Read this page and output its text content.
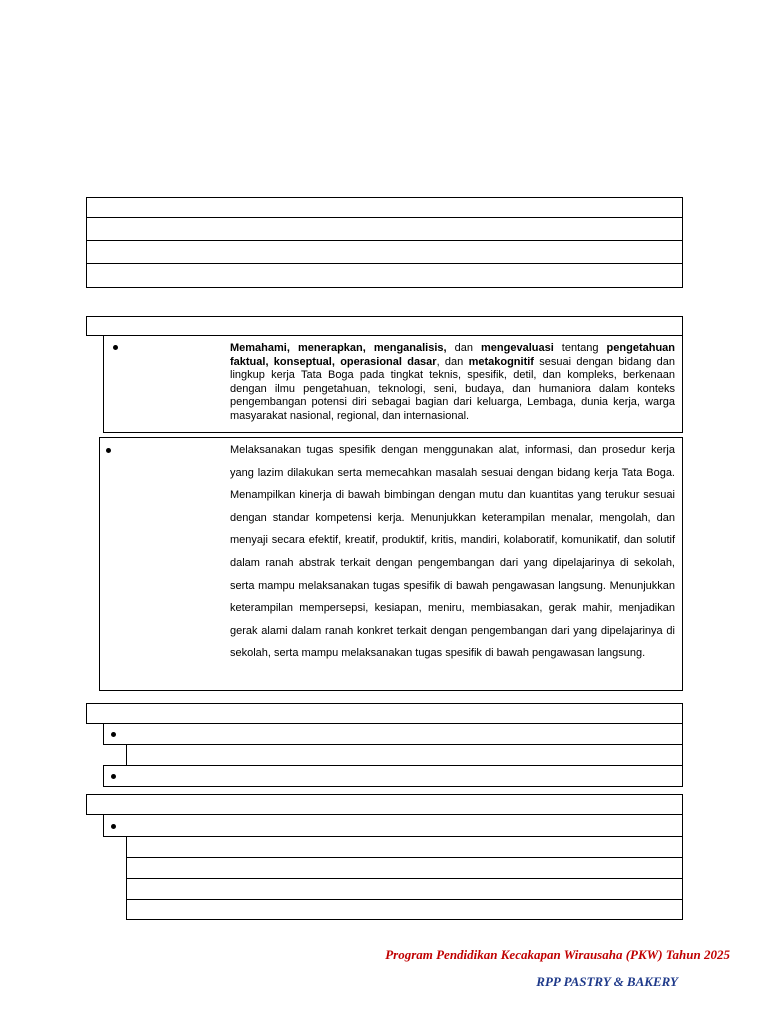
Memahami, menerapkan, menganalisis, dan mengevaluasi tentang pengetahuan faktual, konseptual, operasional dasar, dan metakognitif sesuai dengan bidang dan lingkup kerja Tata Boga pada tingkat teknis, spesifik, detil, dan kompleks, berkenaan dengan ilmu pengetahuan, teknologi, seni, budaya, dan humaniora dalam konteks pengembangan potensi diri sebagai bagian dari keluarga, Lembaga, dunia kerja, warga masyarakat nasional, regional, dan internasional.

Melaksanakan tugas spesifik dengan menggunakan alat, informasi, dan prosedur kerja yang lazim dilakukan serta memecahkan masalah sesuai dengan bidang kerja Tata Boga. Menampilkan kinerja di bawah bimbingan dengan mutu dan kuantitas yang terukur sesuai dengan standar kompetensi kerja. Menunjukkan keterampilan menalar, mengolah, dan menyaji secara efektif, kreatif, produktif, kritis, mandiri, kolaboratif, komunikatif, dan solutif dalam ranah abstrak terkait dengan pengembangan dari yang dipelajarinya di sekolah, serta mampu melaksanakan tugas spesifik di bawah pengawasan langsung. Menunjukkan keterampilan mempersepsi, kesiapan, meniru, membiasakan, gerak mahir, menjadikan gerak alami dalam ranah konkret terkait dengan pengembangan dari yang dipelajarinya di sekolah, serta mampu melaksanakan tugas spesifik di bawah pengawasan langsung.

Program Pendidikan Kecakapan Wirausaha (PKW) Tahun 2025
RPP PASTRY & BAKERY
